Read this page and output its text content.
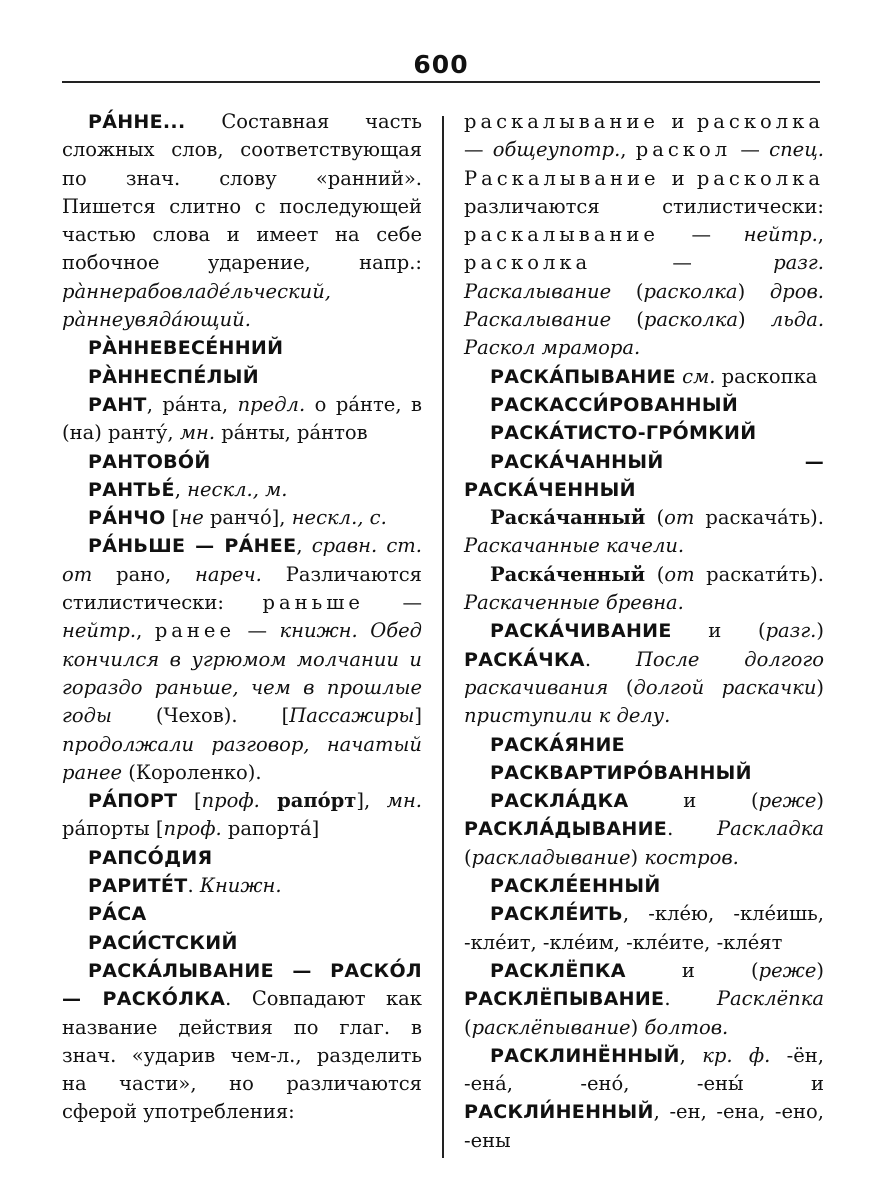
600

РА́ННЕ... Составная часть сложных слов, соответствующая по знач. слову «ранний». Пишется слитно с последующей частью слова и имеет на себе побочное ударение, напр.: ра̀ннерабовладе́льческий, ра̀ннеувяда́ющий.

РА̀ННЕВЕСЕ́ННИЙ

РА̀ННЕСПЕ́ЛЫЙ

РАНТ, ра́нта, предл. о ра́нте, в (на) ранту́, мн. ра́нты, ра́нтов

РАНТОВО́Й

РАНТЬЕ́, нескл., м.

РА́НЧО [не ранчо́], нескл., с.

РА́НЬШЕ — РА́НЕЕ, сравн. ст. от рано, нареч. Различаются стилистически: раньше — нейтр., ранее — книжн. Обед кончился в угрюмом молчании и гораздо раньше, чем в прошлые годы (Чехов). [Пассажиры] продолжали разговор, начатый ранее (Короленко).

РА́ПОРТ [проф. рапо́рт], мн. ра́порты [проф. рапорта́]

РАПСО́ДИЯ

РАРИТЕ́Т. Книжн.

РА́СА

РАСИ́СТСКИЙ

РАСКА́ЛЫВАНИЕ — РАСКО́Л — РАСКО́ЛКА. Совпадают как название действия по глаг. в знач. «ударив чем-л., разделить на части», но различаются сферой употребления:

раскалывание и расколка — общеупотр., раскол — спец. Раскалывание и расколка различаются стилистически: раскалывание — нейтр., расколка — разг. Раскалывание (расколка) дров. Раскалывание (расколка) льда. Раскол мрамора.

РАСКА́ПЫВАНИЕ см. раскопка

РАСКАССИ́РОВАННЫЙ

РАСКА́ТИСТО-ГРО́МКИЙ

РАСКА́ЧАННЫЙ — РАСКА́ЧЕННЫЙ

Раска́чанный (от раскача́ть). Раскачанные качели.

Раска́ченный (от раскати́ть). Раскаченные бревна.

РАСКА́ЧИВАНИЕ и (разг.) РАСКА́ЧКА. После долгого раскачивания (долгой раскачки) приступили к делу.

РАСКА́ЯНИЕ

РАСКВАРТИРО́ВАННЫЙ

РАСКЛА́ДКА и (реже) РАСКЛА́ДЫВАНИЕ. Раскладка (раскладывание) костров.

РАСКЛЕ́ЕННЫЙ

РАСКЛЕ́ИТЬ, -кле́ю, -кле́ишь, -кле́ит, -кле́им, -кле́ите, -кле́ят

РАСКЛЁПКА и (реже) РАСКЛЁПЫВАНИЕ. Расклёпка (расклёпывание) болтов.

РАСКЛИНЁННЫЙ, кр. ф. -ён, -ена́, -ено́, -ены́ и РАСКЛИ́НЕННЫЙ, -ен, -ена, -ено, -ены
